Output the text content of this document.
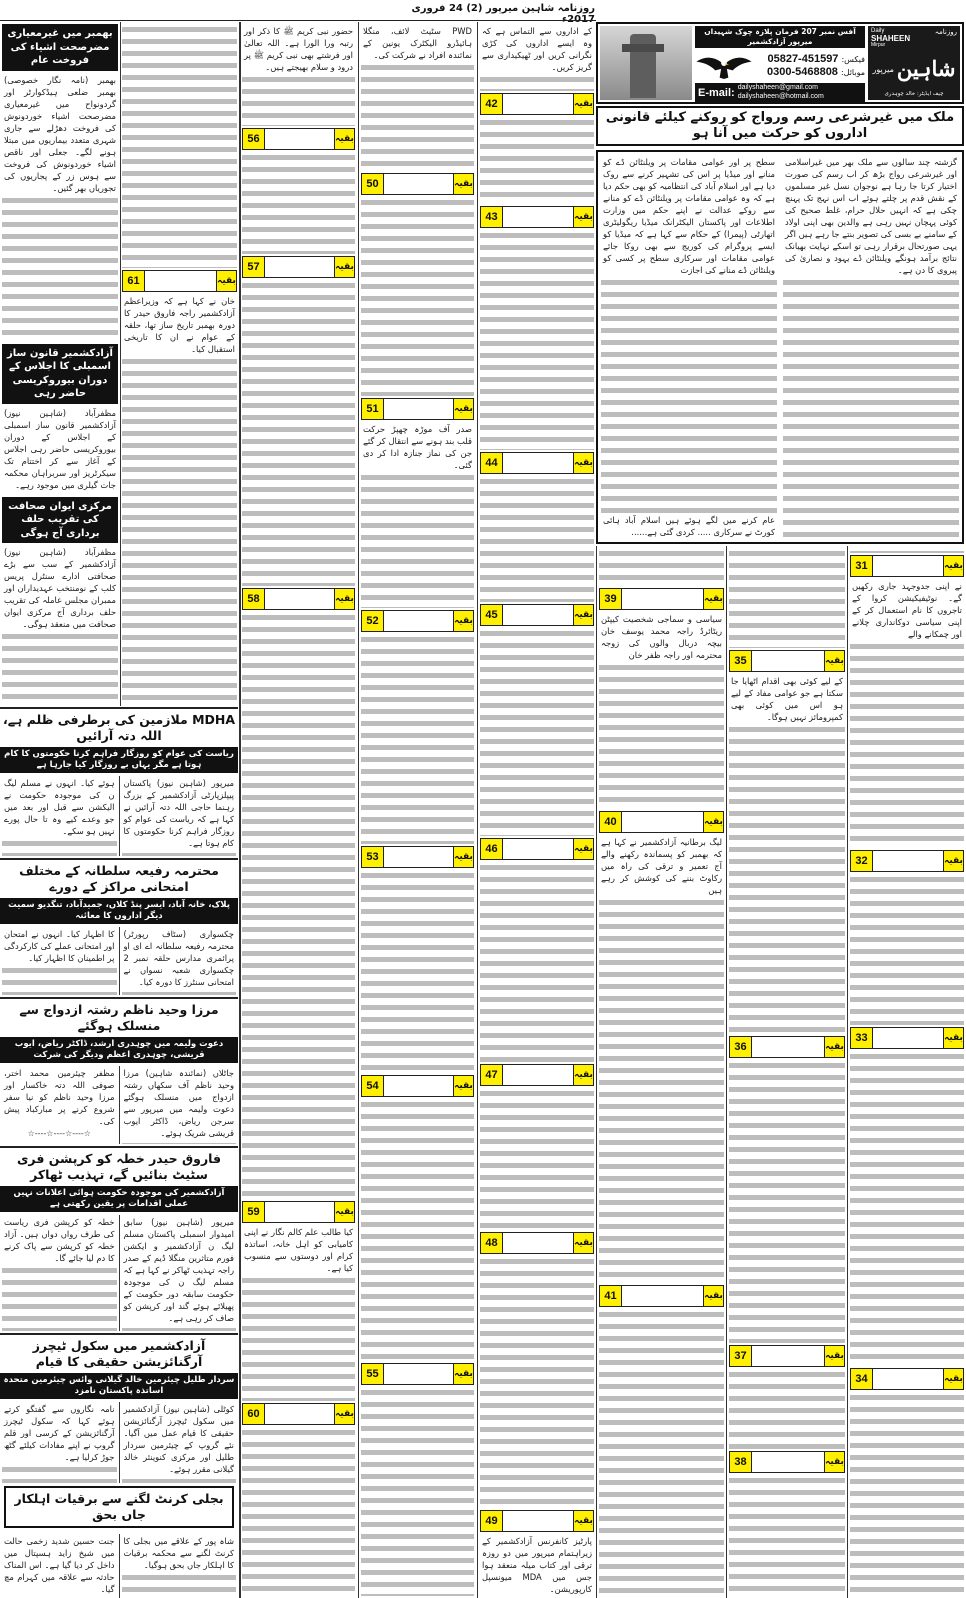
روزنامہ شاہین میرپور (2) 24 فروری
آفس نمبر 207 فرمان پلازہ چوک شہیداں میرپور آزادکشمیر
05827-451597 فیکس:
0300-5468808 موبائل:
E-mail: dailyshaheen@gmail.com
dailyshaheen@hotmail.com
Daily
SHAHEEN
Mirpur
روزنامہ
میرپور شاہین
چیف ایڈیٹر: خالد چوہدری
ملک میں غیرشرعی رسم ورواج کو روکنے کیلئے قانونی اداروں کو حرکت میں آنا ہو
گزشتہ چند سالوں سے ملک بھر میں غیراسلامی اور غیرشرعی رواج بڑھ کر اب رسم کی صورت اختیار کرتا جا رہا ہے نوجوان نسل غیر مسلموں کے نقش قدم پر چلتے ہوئے اب اس نہج تک پہنچ چکی ہے کہ انہیں حلال حرام، غلط صحیح کی کوئی پہچان نہیں رہی ہے والدین بھی اپنی اولاد کے سامنے بے بسی کی تصویر بنتے جا رہے ہیں اگر یہی صورتحال برقرار رہی تو اسکے نہایت بھیانک نتائج برآمد ہونگے ویلنٹائن ڈے یہود و نصاریٰ کی پیروی کا دن ہے۔
سطح پر اور عوامی مقامات پر ویلنٹائن ڈے کو منانے اور میڈیا پر اس کی تشہیر کرنے سے روک دیا ہے اور اسلام آباد کی انتظامیہ کو بھی حکم دیا ہے کہ وہ عوامی مقامات پر ویلنٹائن ڈے کو منانے سے روکے عدالت نے اپنے حکم میں وزارت اطلاعات اور پاکستان الیکٹرانک میڈیا ریگولیٹری اتھارٹی (پیمرا) کے حکام سے کہا ہے کہ میڈیا کو ایسے پروگرام کی کوریج سے بھی روکا جائے عوامی مقامات اور سرکاری سطح پر کسی کو ویلنٹائن ڈے منانے کی اجازت
عام کرنے میں لگے ہوئے ہیں اسلام آباد ہائی کورٹ نے سرکاری ..... کردی گئی ہے......
بھمبر میں غیرمعیاری مضرصحت اشیاء کی فروخت عام
بھمبر (نامہ نگار خصوصی) بھمبر ضلعی ہیڈکوارٹر اور گردونواح میں غیرمعیاری مضرصحت اشیاء خوردونوش کی فروخت دھڑلے سے جاری شہری متعدد بیماریوں میں مبتلا ہونے لگے۔ جعلی اور ناقص اشیاء خوردونوش کی فروخت سے ہوس زر کے پجاریوں کی تجوریاں بھر گئیں۔
آزادکشمیر قانون ساز اسمبلی کا اجلاس کے دوران بیوروکریسی حاضر رہی
مظفرآباد (شاہین نیوز) آزادکشمیر قانون ساز اسمبلی کے اجلاس کے دوران بیوروکریسی حاضر رہی اجلاس کے آغاز سے کر اختتام تک سیکرٹریز اور سربراہان محکمہ جات گیلری میں موجود رہے۔
مرکزی ایوان صحافت کی تقریب حلف برداری آج ہوگی
مظفرآباد (شاہین نیوز) آزادکشمیر کے سب سے بڑے صحافتی ادارے سنٹرل پریس کلب کے نومنتخب عہدیداران اور ممبران مجلس عاملہ کی تقریب حلف برداری آج مرکزی ایوان صحافت میں منعقد ہوگی۔
61	بقیہ
خان نے کہا ہے کہ وزیراعظم آزادکشمیر راجہ فاروق حیدر کا دورہ بھمبر تاریخ ساز تھا، حلقہ کے عوام نے ان کا تاریخی استقبال کیا۔
حضور نبی کریم ﷺ کا ذکر اور رتبہ ورا الورا ہے۔ اللہ تعالیٰ اور فرشتے بھی نبی کریم ﷺ پر درود و سلام بھیجتے ہیں۔
56	بقیہ
57	بقیہ
58	بقیہ
59	بقیہ
کیا طالب علم کالم نگار نے اپنی کامیابی کو اہل خانہ، اساتذہ کرام اور دوستوں سے منسوب کیا ہے۔
60	بقیہ
PWD سٹیٹ لائف، منگلا ہائیڈرو الیکٹرک یونین کے نمائندہ افراد نے شرکت کی۔
50	بقیہ
51	بقیہ
صدر آف موڑہ چھپڑ حرکت قلب بند ہونے سے انتقال کر گئے جن کی نماز جنازہ ادا کر دی گئی۔
52	بقیہ
53	بقیہ
54	بقیہ
55	بقیہ
کے اداروں سے التماس ہے کہ وہ ایسے اداروں کی کڑی نگرانی کریں اور ٹھیکیداری سے گریز کریں۔
42	بقیہ
43	بقیہ
44	بقیہ
45	بقیہ
46	بقیہ
47	بقیہ
48	بقیہ
49	بقیہ
پارٹیز کانفرنس آزادکشمیر کے زیراہتمام میرپور میں دو روزہ ترقی اور کتاب میلہ منعقد ہوا جس میں MDA میونسپل کارپوریشن۔
39	بقیہ
سیاسی و سماجی شخصیت کیپٹن ریٹائرڈ راجہ محمد یوسف خان بیچہ دربال والوں کی زوجہ محترمہ اور راجہ ظفر خان
40	بقیہ
لیگ برطانیہ آزادکشمیر نے کہا ہے کہ بھمبر کو پسماندہ رکھنے والے آج تعمیر و ترقی کی راہ میں رکاوٹ بننے کی کوشش کر رہے ہیں
41	بقیہ
35	بقیہ
کے لیے کوئی بھی اقدام اٹھایا جا سکتا ہے جو عوامی مفاد کے لیے ہو اس میں کوئی بھی کمپرومائز نہیں ہوگا۔
36	بقیہ
37	بقیہ
38	بقیہ
31	بقیہ
نے اپنی جدوجہد جاری رکھیں گے۔ نوٹیفیکیشن کروا کے تاجروں کا نام استعمال کر کے اپنی سیاسی دوکانداری چلانے اور چمکانے والے
32	بقیہ
33	بقیہ
34	بقیہ
MDHA ملازمین کی برطرفی ظلم ہے، اللہ دتہ آرائیں
ریاست کی عوام کو روزگار فراہم کرنا حکومتوں کا کام ہوتا ہے مگر یہاں بے روزگار کیا جارہا ہے
میرپور (شاہین نیوز) پاکستان پیپلزپارٹی آزادکشمیر کے بزرگ رہنما حاجی اللہ دتہ آرائیں نے کہا ہے کہ ریاست کی عوام کو روزگار فراہم کرنا حکومتوں کا کام ہوتا ہے۔
ہوئے کیا۔ انہوں نے مسلم لیگ ن کی موجودہ حکومت نے الیکشن سے قبل اور بعد میں جو وعدے کیے وہ تا حال پورے نہیں ہو سکے۔
محترمہ رفیعہ سلطانہ کے مختلف امتحانی مراکز کے دورے
پلاک، خانہ آباد، ایسر پنڈ کلاں، جمیدآباد، تنگدیو سمیت دیگر اداروں کا معائنہ
چکسواری (سٹاف رپورٹر) محترمہ رفیعہ سلطانہ اے ای او پرائمری مدارس حلقہ نمبر 2 چکسواری شعبہ نسواں نے امتحانی سنٹرز کا دورہ کیا۔
کا اظہار کیا۔ انہوں نے امتحان اور امتحانی عملے کی کارکردگی پر اطمینان کا اظہار کیا۔
مرزا وحید ناظم رشتہ ازدواج سے منسلک ہوگئے
دعوت ولیمہ میں چوہدری ارشد، ڈاکٹر ریاض، ایوب قریشی، چوہدری اعظم ودیگر کی شرکت
جاٹلاں (نمائندہ شاہین) مرزا وحید ناظم آف سکھاں رشتہ ازدواج میں منسلک ہوگئے دعوت ولیمہ میں میرپور سے سرجن ریاض، ڈاکٹر ایوب قریشی شریک ہوئے۔
مظفر چیئرمین محمد اختر، صوفی اللہ دتہ خاکسار اور مرزا وحید ناظم کو نیا سفر شروع کرنے پر مبارکباد پیش کی۔
☆----☆----☆----☆
فاروق حیدر خطہ کو کرپشن فری سٹیٹ بنائیں گے، تہذیب ٹھاکر
آزادکشمیر کی موجودہ حکومت ہوائی اعلانات نہیں عملی اقدامات پر یقین رکھتی ہے
میرپور (شاہین نیوز) سابق امیدوار اسمبلی پاکستان مسلم لیگ ن آزادکشمیر و ایکشن فورم متاثرین منگلا ڈیم کے صدر راجہ تہذیب ٹھاکر نے کہا ہے کہ مسلم لیگ ن کی موجودہ حکومت سابقہ دور حکومت کے پھیلائے ہوئے گند اور کرپشن کو صاف کر رہی ہے۔
خطہ کو کرپشن فری ریاست کی طرف رواں دواں ہیں۔ آزاد خطہ کو کرپشن سے پاک کرنے کا دم لیا جائے گا۔
آزادکشمیر میں سکول ٹیچرز آرگنائزیشن حقیقی کا قیام
سردار طلیل چیئرمین خالد گیلانی وائس چیئرمین متحدہ اساتذہ پاکستان نامزد
کوٹلی (شاہین نیوز) آزادکشمیر میں سکول ٹیچرز آرگنائزیشن حقیقی کا قیام عمل میں آگیا۔ نئے گروپ کے چیئرمین سردار طلیل اور مرکزی کنوینئر خالد گیلانی مقرر ہوئے۔
نامہ نگاروں سے گفتگو کرتے ہوئے کہا کہ سکول ٹیچرز آرگنائزیشن کے کرسی اور قلم گروپ نے اپنے مفادات کیلئے گٹھ جوڑ کرلیا ہے۔
بجلی کرنٹ لگنے سے برقیات اہلکار جاں بحق
شاہ پور کے علاقے میں بجلی کا کرنٹ لگنے سے محکمہ برقیات کا اہلکار جاں بحق ہوگیا۔
جنت حسین شدید زخمی حالت میں شیخ زاید ہسپتال میں داخل کر دیا گیا ہے۔ اس المناک حادثہ سے علاقہ میں کہرام مچ گیا۔
